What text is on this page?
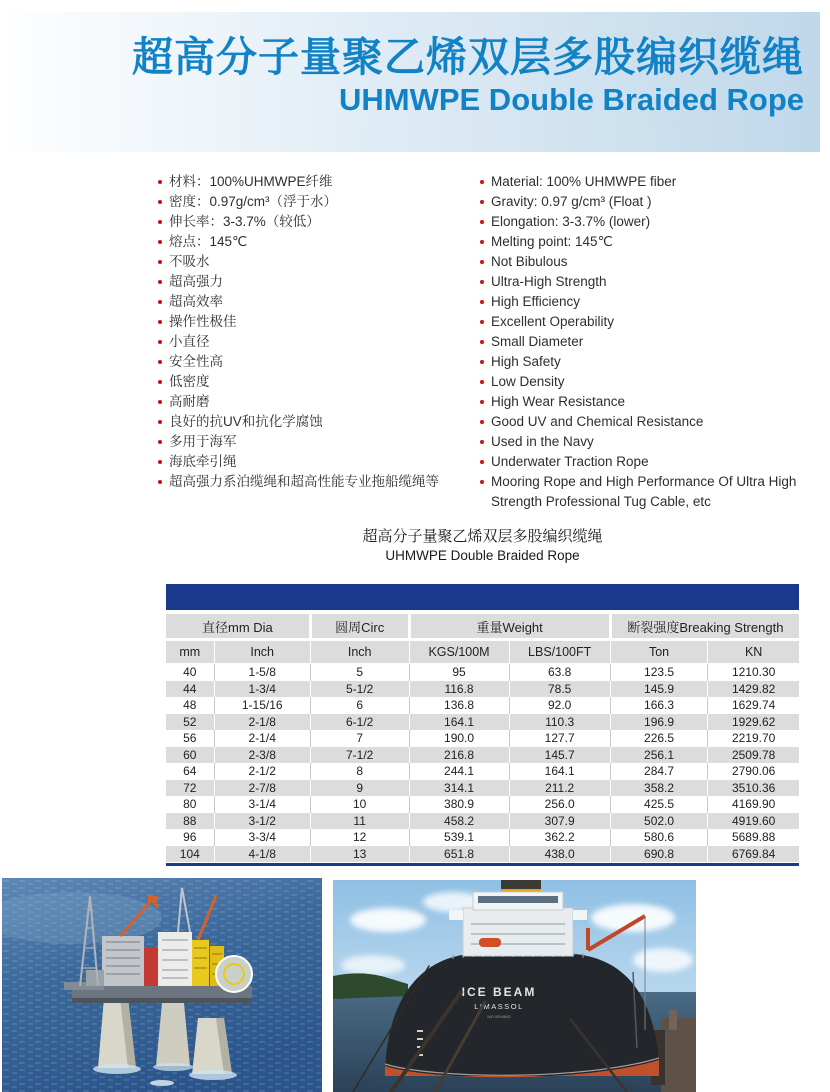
超高分子量聚乙烯双层多股编织缆绳
UHMWPE Double Braided Rope
材料：100%UHMWPE纤维
密度：0.97g/cm³（浮于水）
伸长率：3-3.7%（较低）
熔点：145℃
不吸水
超高强力
超高效率
操作性极佳
小直径
安全性高
低密度
高耐磨
良好的抗UV和抗化学腐蚀
多用于海军
海底牵引绳
超高强力系泊缆绳和超高性能专业拖船缆绳等
Material: 100% UHMWPE fiber
Gravity: 0.97 g/cm³ (Float )
Elongation: 3-3.7% (lower)
Melting point: 145℃
Not Bibulous
Ultra-High Strength
High Efficiency
Excellent Operability
Small Diameter
High Safety
Low Density
High Wear Resistance
Good UV and Chemical Resistance
Used in the Navy
Underwater Traction Rope
Mooring Rope and High Performance Of Ultra High Strength Professional Tug Cable, etc
超高分子量聚乙烯双层多股编织缆绳
UHMWPE Double Braided Rope
直径mm Dia		圆周Circ	重量Weight		断裂强度Breaking Strength	
mm	Inch	Inch	KGS/100M	LBS/100FT	Ton	KN
40	1-5/8	5	95	63.8	123.5	1210.30
44	1-3/4	5-1/2	116.8	78.5	145.9	1429.82
48	1-15/16	6	136.8	92.0	166.3	1629.74
52	2-1/8	6-1/2	164.1	110.3	196.9	1929.62
56	2-1/4	7	190.0	127.7	226.5	2219.70
60	2-3/8	7-1/2	216.8	145.7	256.1	2509.78
64	2-1/2	8	244.1	164.1	284.7	2790.06
72	2-7/8	9	314.1	211.2	358.2	3510.36
80	3-1/4	10	380.9	256.0	425.5	4169.90
88	3-1/2	11	458.2	307.9	502.0	4919.60
96	3-3/4	12	539.1	362.2	580.6	5689.88
104	4-1/8	13	651.8	438.0	690.8	6769.84
ICE BEAM
LIMASSOL
MO 9294840
